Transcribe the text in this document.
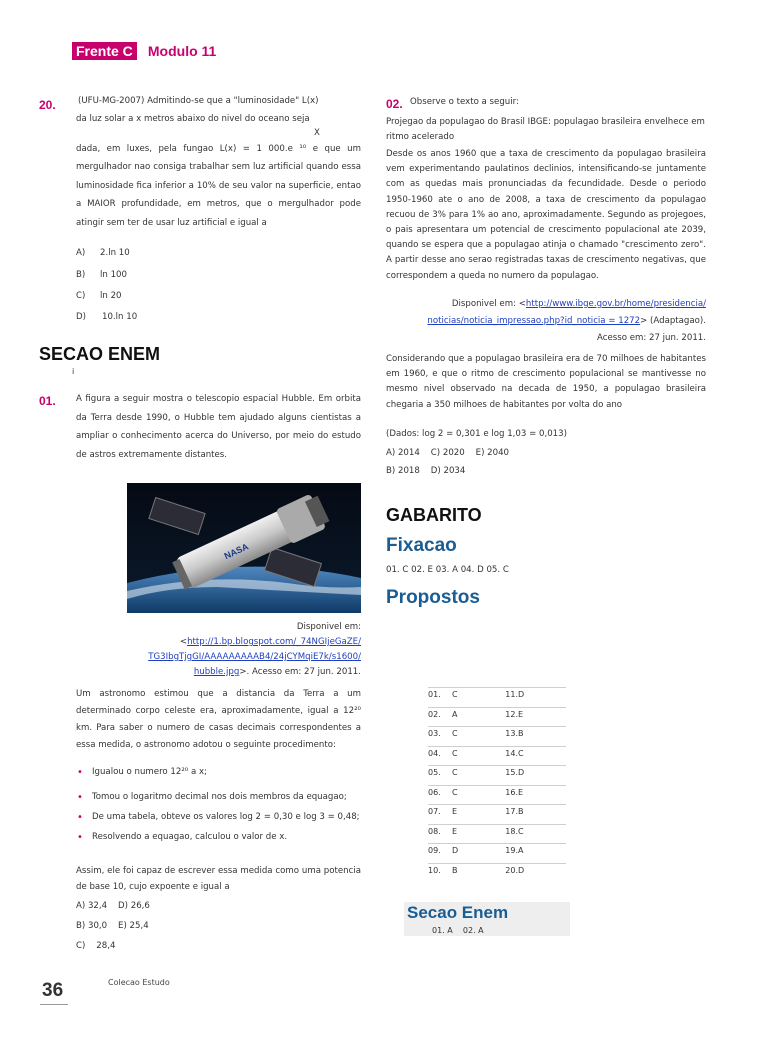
Frente C Modulo 11
20.	(UFU-MG-2007) Admitindo-se que a "luminosidade" L(x)
da luz solar a x metros abaixo do nivel do oceano seja
X
dada, em luxes, pela fungao L(x) = 1 000.e ¹⁰ e que um mergulhador nao consiga trabalhar sem luz artificial quando essa luminosidade fica inferior a 10% de seu valor na superficie, entao a MAIOR profundidade, em metros, que o mergulhador pode atingir sem ter de usar luz artificial e igual a
A) 2.ln 10
B) ln 100
C) ln 20
D) 10.ln 10
SECAO ENEM
i
01. A figura a seguir mostra o telescopio espacial Hubble. Em orbita da Terra desde 1990, o Hubble tem ajudado alguns cientistas a ampliar o conhecimento acerca do Universo, por meio do estudo de astros extremamente distantes.
NASA
Disponivel em:
<http://1.bp.blogspot.com/_74NGIjeGaZE/
TG3IbgTjgGI/AAAAAAAAAB4/24jCYMqiE7k/s1600/
hubble.jpg>. Acesso em: 27 jun. 2011.
Um astronomo estimou que a distancia da Terra a um determinado corpo celeste era, aproximadamente, igual a 12²⁰ km. Para saber o numero de casas decimais correspondentes a essa medida, o astronomo adotou o seguinte procedimento:
• Igualou o numero 12²⁰ a x;
• Tomou o logaritmo decimal nos dois membros da equagao;
• De uma tabela, obteve os valores log 2 = 0,30 e log 3 = 0,48;
• Resolvendo a equagao, calculou o valor de x.
Assim, ele foi capaz de escrever essa medida como uma potencia de base 10, cujo expoente e igual a
A) 32,4    D) 26,6
B) 30,0    E) 25,4
C)    28,4
36	Colecao Estudo
02. Observe o texto a seguir:
Projegao da populagao do Brasil IBGE: populagao brasileira envelhece em ritmo acelerado
Desde os anos 1960 que a taxa de crescimento da populagao brasileira vem experimentando paulatinos declinios, intensificando-se juntamente com as quedas mais pronunciadas da fecundidade. Desde o periodo 1950-1960 ate o ano de 2008, a taxa de crescimento da populagao recuou de 3% para 1% ao ano, aproximadamente. Segundo as projegoes, o pais apresentara um potencial de crescimento populacional ate 2039, quando se espera que a populagao atinja o chamado "crescimento zero". A partir desse ano serao registradas taxas de crescimento negativas, que correspondem a queda no numero da populagao.
Disponivel em: <http://www.ibge.gov.br/home/presidencia/
noticias/noticia_impressao.php?id_noticia = 1272> (Adaptagao).
Acesso em: 27 jun. 2011.
Considerando que a populagao brasileira era de 70 milhoes de habitantes em 1960, e que o ritmo de crescimento populacional se mantivesse no mesmo nivel observado na decada de 1950, a populagao brasileira chegaria a 350 milhoes de habitantes por volta do ano
(Dados: log 2 = 0,301 e log 1,03 = 0,013)
A) 2014    C) 2020    E) 2040
B) 2018    D) 2034
GABARITO
Fixacao
01. C 02. E 03. A 04. D 05. C
Propostos
01.	C	11.	D
02.	A	12.	E
03.	C	13.	B
04.	C	14.	C
05.	C	15.	D
06.	C	16.	E
07.	E	17.	B
08.	E	18.	C
09.	D	19.	A
10.	B	20.	D
Secao Enem
01. A    02. A
